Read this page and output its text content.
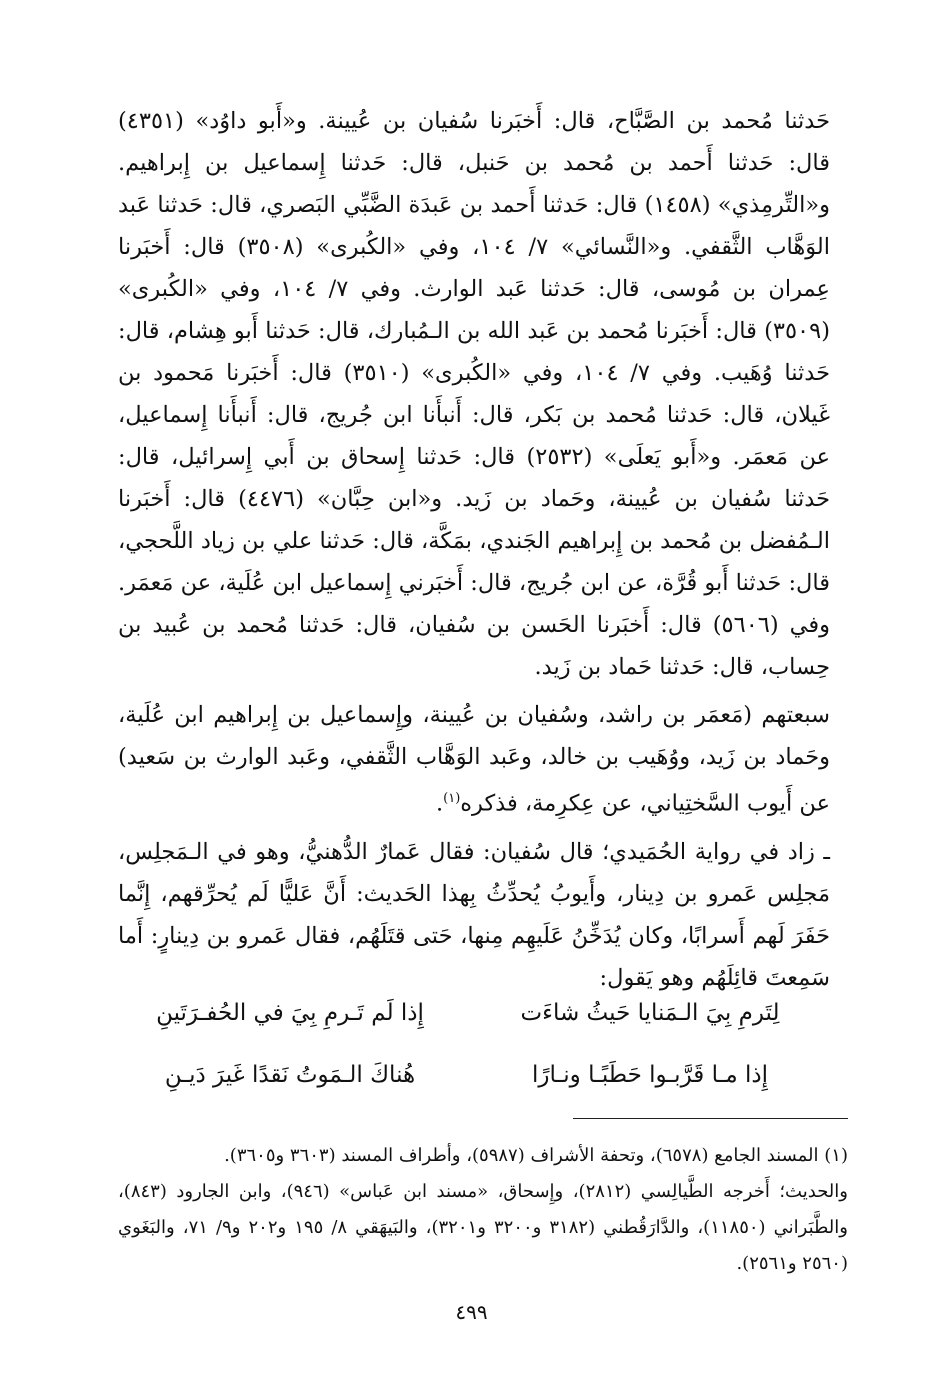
حَدثنا مُحمد بن الصَّبَّاح، قال: أَخبَرنا سُفيان بن عُيينة. و«أَبو داوُد» (٤٣٥١) قال: حَدثنا أَحمد بن مُحمد بن حَنبل، قال: حَدثنا إِسماعيل بن إِبراهيم. و«التِّرمِذي» (١٤٥٨) قال: حَدثنا أَحمد بن عَبدَة الضَّبِّي البَصري، قال: حَدثنا عَبد الوَهَّاب الثَّقفي. و«النَّسائي» ٧/ ١٠٤، وفي «الكُبرى» (٣٥٠٨) قال: أَخبَرنا عِمران بن مُوسى، قال: حَدثنا عَبد الوارث. وفي ٧/ ١٠٤، وفي «الكُبرى» (٣٥٠٩) قال: أَخبَرنا مُحمد بن عَبد الله بن الـمُبارك، قال: حَدثنا أَبو هِشام، قال: حَدثنا وُهَيب. وفي ٧/ ١٠٤، وفي «الكُبرى» (٣٥١٠) قال: أَخبَرنا مَحمود بن غَيلان، قال: حَدثنا مُحمد بن بَكر، قال: أَنبأَنا ابن جُريج، قال: أَنبأَنا إِسماعيل، عن مَعمَر. و«أَبو يَعلَى» (٢٥٣٢) قال: حَدثنا إِسحاق بن أَبي إِسرائيل، قال: حَدثنا سُفيان بن عُيينة، وحَماد بن زَيد. و«ابن حِبَّان» (٤٤٧٦) قال: أَخبَرنا الـمُفضل بن مُحمد بن إِبراهيم الجَندي، بمَكَّة، قال: حَدثنا علي بن زياد اللَّحجي، قال: حَدثنا أَبو قُرَّة، عن ابن جُريج، قال: أَخبَرني إِسماعيل ابن عُلَية، عن مَعمَر. وفي (٥٦٠٦) قال: أَخبَرنا الحَسن بن سُفيان، قال: حَدثنا مُحمد بن عُبيد بن حِساب، قال: حَدثنا حَماد بن زَيد.

سبعتهم (مَعمَر بن راشد، وسُفيان بن عُيينة، وإِسماعيل بن إِبراهيم ابن عُلَية، وحَماد بن زَيد، ووُهَيب بن خالد، وعَبد الوَهَّاب الثَّقفي، وعَبد الوارث بن سَعيد) عن أَيوب السَّختِياني، عن عِكرِمة، فذكره$^{(١)}$.

ـ زاد في رواية الحُمَيدي؛ قال سُفيان: فقال عَمارٌ الدُّهنيُّ، وهو في الـمَجلِس، مَجلِس عَمرو بن دِينار، وأَيوبُ يُحدِّثُ بِهذا الحَديث: أَنَّ عَليًّا لَم يُحرِّقهم، إِنَّما حَفَرَ لَهم أَسرابًا، وكان يُدَخِّنُ عَلَيهِم مِنها، حَتى قتَلَهُم، فقال عَمرو بن دِينارٍ: أَما سَمِعتَ قائِلَهُم وهو يَقول:

لِتَرمِ بِيَ الـمَنايا حَيثُ شاءَت
إِذا لَم تَـرمِ بِيَ في الحُفـرَتَينِ
إِذا مـا قَرَّبـوا حَطَبًـا ونـارًا
هُناكَ الـمَوتُ نَقدًا غَيرَ دَيـنِ

(١) المسند الجامع (٦٥٧٨)، وتحفة الأشراف (٥٩٨٧)، وأطراف المسند (٣٦٠٣ و٣٦٠٥).

والحديث؛ أَخرجه الطَّيالِسي (٢٨١٢)، وإِسحاق، «مسند ابن عَباس» (٩٤٦)، وابن الجارود (٨٤٣)، والطَّبَراني (١١٨٥٠)، والدَّارَقُطني (٣١٨٢ و٣٢٠٠ و٣٢٠١)، والبَيهَقي ٨/ ١٩٥ و٢٠٢ و٩/ ٧١، والبَغَوي (٢٥٦٠ و٢٥٦١).

٤٩٩
